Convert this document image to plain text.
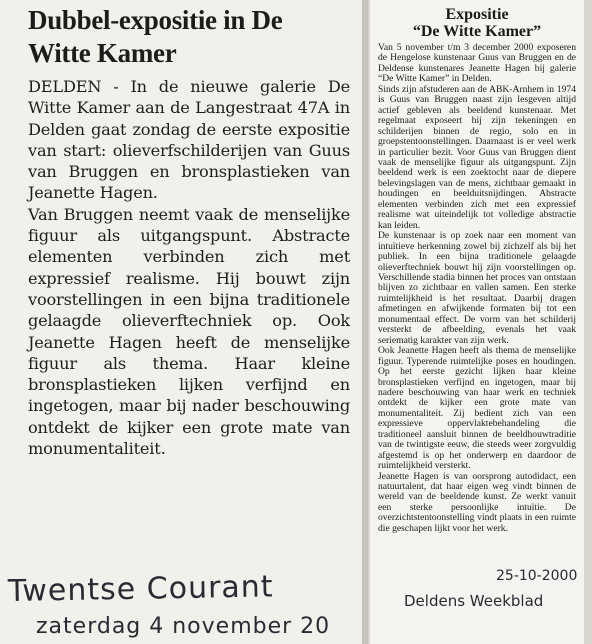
Dubbel-expositie in De Witte Kamer

DELDEN - In de nieuwe galerie De Witte Kamer aan de Langestraat 47A in Delden gaat zondag de eerste expositie van start: olieverfschilderijen van Guus van Bruggen en bronsplastieken van Jeanette Hagen.

Van Bruggen neemt vaak de menselijke figuur als uitgangspunt. Abstracte elementen verbinden zich met expressief realisme. Hij bouwt zijn voorstellingen in een bijna traditionele gelaagde olieverftechniek op. Ook Jeanette Hagen heeft de menselijke figuur als thema. Haar kleine bronsplastieken lijken verfijnd en ingetogen, maar bij nader beschouwing ontdekt de kijker een grote mate van monumentaliteit.

Twentse Courant
zaterdag 4 november 20
Expositie
“De Witte Kamer”

Van 5 november t/m 3 december 2000 exposeren de Hengelose kunstenaar Guus van Bruggen en de Deldense kunstenares Jeanette Hagen bij galerie “De Witte Kamer” in Delden.

Sinds zijn afstuderen aan de ABK-Arnhem in 1974 is Guus van Bruggen naast zijn lesgeven altijd actief gebleven als beeldend kunstenaar. Met regelmaat exposeert hij zijn tekeningen en schilderijen binnen de regio, solo en in groepstentoonstellingen. Daarnaast is er veel werk in particulier bezit. Voor Guus van Bruggen dient vaak de menselijke figuur als uitgangspunt. Zijn beeldend werk is een zoektocht naar de diepere belevingslagen van de mens, zichtbaar gemaakt in houdingen en beelduitsnijdingen. Abstracte elementen verbinden zich met een expressief realisme wat uiteindelijk tot volledige abstractie kan leiden.

De kunstenaar is op zoek naar een moment van intuïtieve herkenning zowel bij zichzelf als bij het publiek. In een bijna traditionele gelaagde olieverftechniek bouwt hij zijn voorstellingen op. Verschillende stadia binnen het proces van ontstaan blijven zo zichtbaar en vallen samen. Een sterke ruimtelijkheid is het resultaat. Daarbij dragen afmetingen en afwijkende formaten bij tot een monumentaal effect. De vorm van het schilderij versterkt de afbeelding, evenals het vaak seriematig karakter van zijn werk.

Ook Jeanette Hagen heeft als thema de menselijke figuur. Typerende ruimtelijke poses en houdingen. Op het eerste gezicht lijken haar kleine bronsplastieken verfijnd en ingetogen, maar bij nadere beschouwing van haar werk en techniek ontdekt de kijker een grote mate van monumentaliteit. Zij bedient zich van een expressieve oppervlaktebehandeling die traditioneel aansluit binnen de beeldhouwtraditie van de twintigste eeuw, die steeds weer zorgvuldig afgestemd is op het onderwerp en daardoor de ruimtelijkheid versterkt.

Jeanette Hagen is van oorsprong autodidact, een natuurtalent, dat haar eigen weg vindt binnen de wereld van de beeldende kunst. Ze werkt vanuit een sterke persoonlijke intuïtie. De overzichtstentoonstelling vindt plaats in een ruimte die geschapen lijkt voor het werk.

25-10-2000
Deldens Weekblad
